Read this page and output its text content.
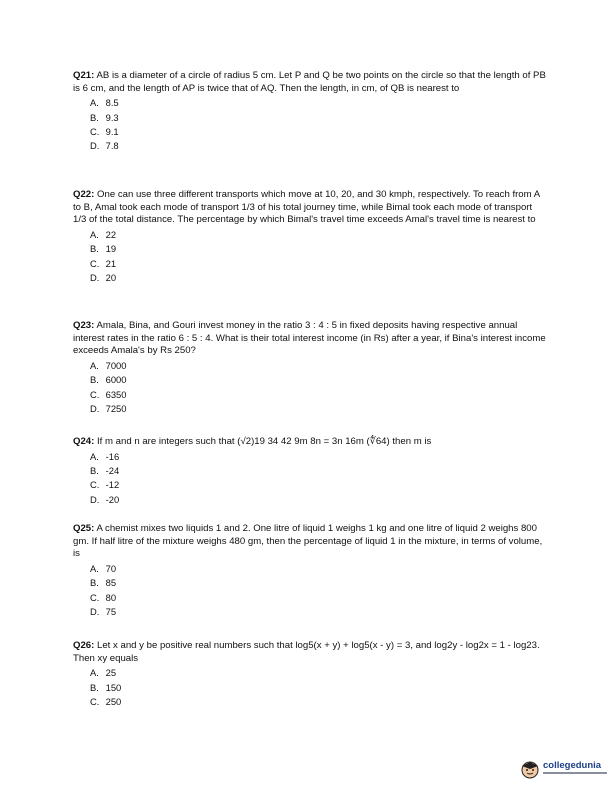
Q21: AB is a diameter of a circle of radius 5 cm. Let P and Q be two points on the circle so that the length of PB is 6 cm, and the length of AP is twice that of AQ. Then the length, in cm, of QB is nearest to

A. 8.5
B. 9.3
C. 9.1
D. 7.8

Q22: One can use three different transports which move at 10, 20, and 30 kmph, respectively. To reach from A to B, Amal took each mode of transport 1/3 of his total journey time, while Bimal took each mode of transport 1/3 of the total distance. The percentage by which Bimal's travel time exceeds Amal's travel time is nearest to

A. 22
B. 19
C. 21
D. 20

Q23: Amala, Bina, and Gouri invest money in the ratio 3 : 4 : 5 in fixed deposits having respective annual interest rates in the ratio 6 : 5 : 4. What is their total interest income (in Rs) after a year, if Bina's interest income exceeds Amala's by Rs 250?

A. 7000
B. 6000
C. 6350
D. 7250

Q24: If m and n are integers such that (√2)19 34 42 9m 8n = 3n 16m (∜64) then m is

A. -16
B. -24
C. -12
D. -20

Q25: A chemist mixes two liquids 1 and 2. One litre of liquid 1 weighs 1 kg and one litre of liquid 2 weighs 800 gm. If half litre of the mixture weighs 480 gm, then the percentage of liquid 1 in the mixture, in terms of volume, is

A. 70
B. 85
C. 80
D. 75

Q26: Let x and y be positive real numbers such that log5(x + y) + log5(x - y) = 3, and log2y - log2x = 1 - log23. Then xy equals

A. 25
B. 150
C. 250
collegedunia
